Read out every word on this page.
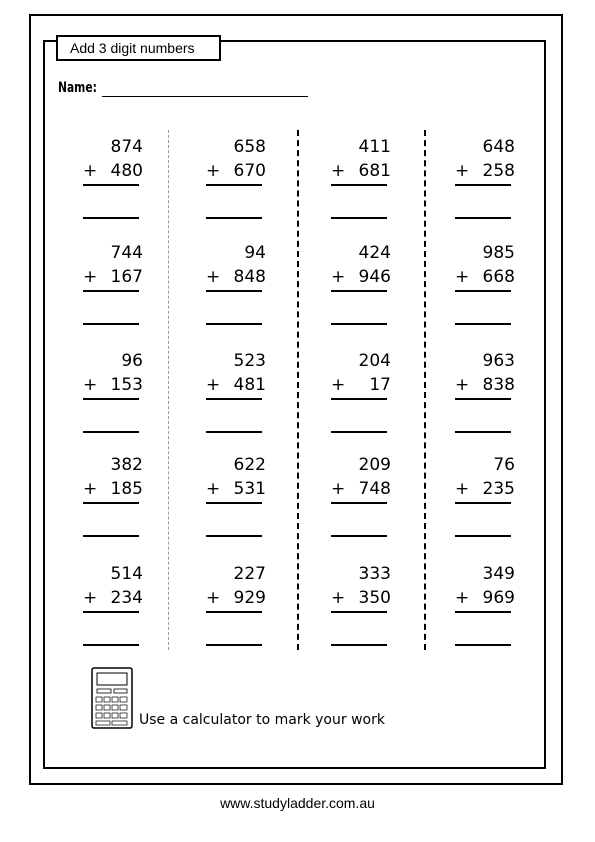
Add 3 digit numbers
Name:
874
+ 480
744
+ 167
96
+ 153
382
+ 185
514
+ 234
658
+ 670
94
+ 848
523
+ 481
622
+ 531
227
+ 929
411
+ 681
424
+ 946
204
+ 17
209
+ 748
333
+ 350
648
+ 258
985
+ 668
963
+ 838
76
+ 235
349
+ 969
Use a calculator to mark your work
www.studyladder.com.au
